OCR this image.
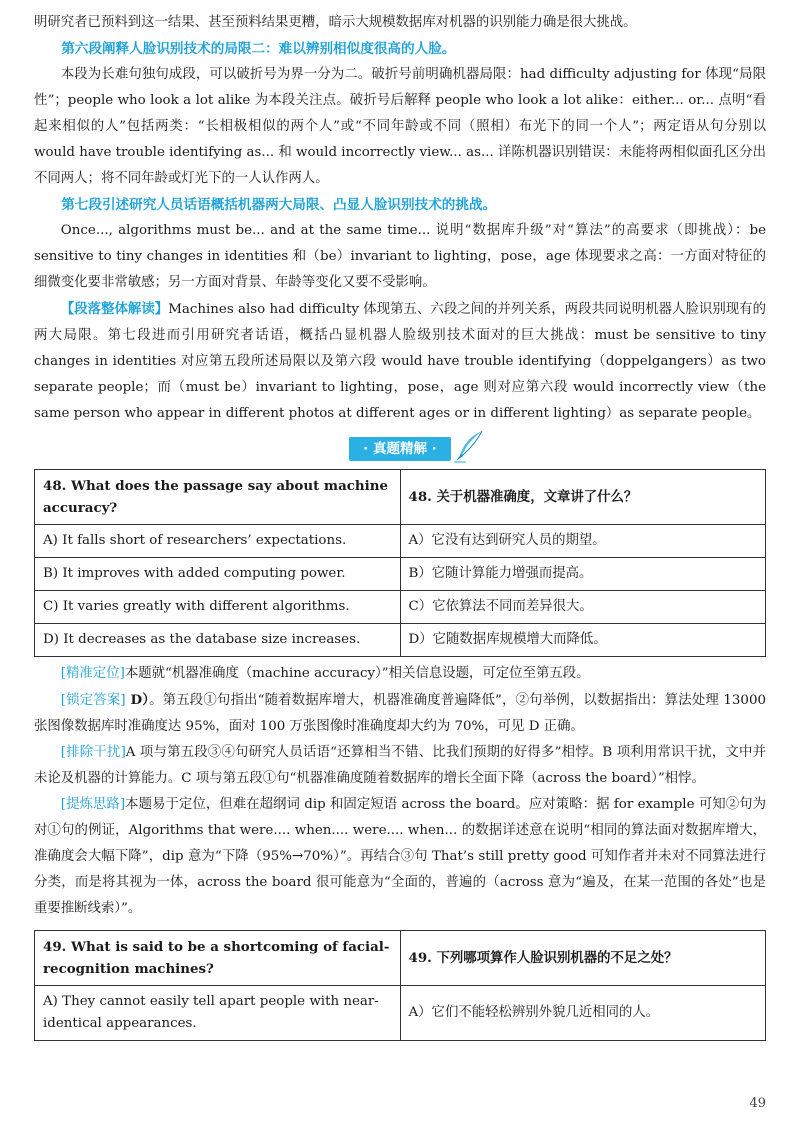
明研究者已预料到这一结果、甚至预料结果更糟，暗示大规模数据库对机器的识别能力确是很大挑战。

第六段阐释人脸识别技术的局限二：难以辨别相似度很高的人脸。

本段为长难句独句成段，可以破折号为界一分为二。破折号前明确机器局限：had difficulty adjusting for 体现“局限性”；people who look a lot alike 为本段关注点。破折号后解释 people who look a lot alike：either... or... 点明“看起来相似的人”包括两类：“长相极相似的两个人”或“不同年龄或不同（照相）布光下的同一个人”；两定语从句分别以 would have trouble identifying as... 和 would incorrectly view... as... 详陈机器识别错误：未能将两相似面孔区分出不同两人；将不同年龄或灯光下的一人认作两人。

第七段引述研究人员话语概括机器两大局限、凸显人脸识别技术的挑战。

Once..., algorithms must be... and at the same time... 说明“数据库升级”对“算法”的高要求（即挑战）：be sensitive to tiny changes in identities 和（be）invariant to lighting，pose，age 体现要求之高：一方面对特征的细微变化要非常敏感；另一方面对背景、年龄等变化又要不受影响。

【段落整体解读】Machines also had difficulty 体现第五、六段之间的并列关系，两段共同说明机器人脸识别现有的两大局限。第七段进而引用研究者话语，概括凸显机器人脸级别技术面对的巨大挑战：must be sensitive to tiny changes in identities 对应第五段所述局限以及第六段 would have trouble identifying（doppelgangers）as two separate people；而（must be）invariant to lighting，pose，age 则对应第六段 would incorrectly view（the same person who appear in different photos at different ages or in different lighting）as separate people。

· 真题精解 ·
48. What does the passage say about machine accuracy?	48. 关于机器准确度，文章讲了什么？
A) It falls short of researchers’ expectations.	A）它没有达到研究人员的期望。
B) It improves with added computing power.	B）它随计算能力增强而提高。
C) It varies greatly with different algorithms.	C）它依算法不同而差异很大。
D) It decreases as the database size increases.	D）它随数据库规模增大而降低。

[精准定位]本题就“机器准确度（machine accuracy）”相关信息设题，可定位至第五段。

[锁定答案] D）。第五段①句指出“随着数据库增大，机器准确度普遍降低”，②句举例，以数据指出：算法处理 13000 张图像数据库时准确度达 95%，面对 100 万张图像时准确度却大约为 70%，可见 D 正确。

[排除干扰]A 项与第五段③④句研究人员话语“还算相当不错、比我们预期的好得多”相悖。B 项利用常识干扰，文中并未论及机器的计算能力。C 项与第五段①句“机器准确度随着数据库的增长全面下降（across the board）”相悖。

[提炼思路]本题易于定位，但难在超纲词 dip 和固定短语 across the board。应对策略：据 for example 可知②句为对①句的例证，Algorithms that were.... when.... were.... when... 的数据详述意在说明“相同的算法面对数据库增大，准确度会大幅下降”，dip 意为“下降（95%→70%）”。再结合③句 That’s still pretty good 可知作者并未对不同算法进行分类，而是将其视为一体，across the board 很可能意为“全面的，普遍的（across 意为“遍及，在某一范围的各处”也是重要推断线索）”。

49. What is said to be a shortcoming of facial-recognition machines?	49. 下列哪项算作人脸识别机器的不足之处？
A) They cannot easily tell apart people with near-identical appearances.	A）它们不能轻松辨别外貌几近相同的人。
49
